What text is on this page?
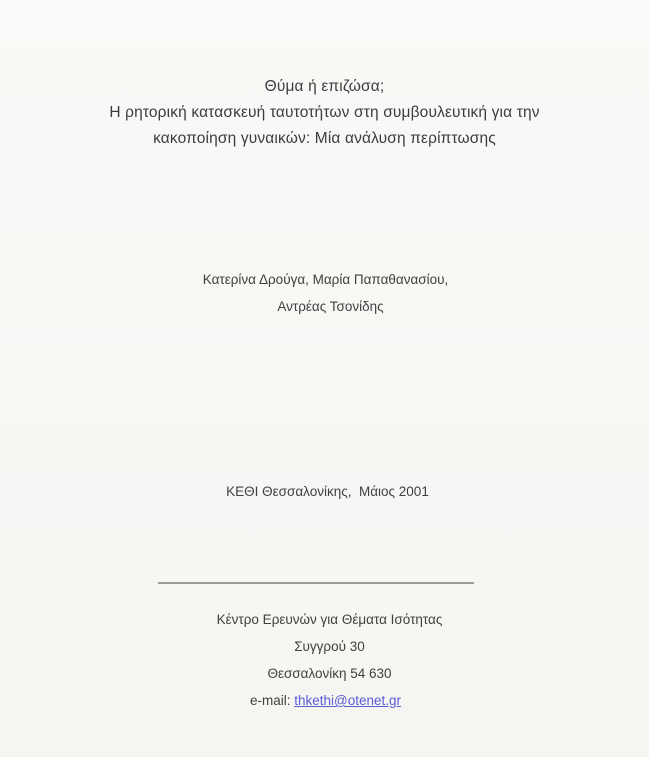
Θύμα ή επιζώσα;
Η ρητορική κατασκευή ταυτοτήτων στη συμβουλευτική για την
κακοποίηση γυναικών: Μία ανάλυση περίπτωσης
Κατερίνα Δρούγα, Μαρία Παπαθανασίου,
Αντρέας Τσονίδης
ΚΕΘΙ Θεσσαλονίκης,  Μάιος 2001
Κέντρο Ερευνών για Θέματα Ισότητας
Συγγρού 30
Θεσσαλονίκη 54 630
e-mail: thkethi@otenet.gr
